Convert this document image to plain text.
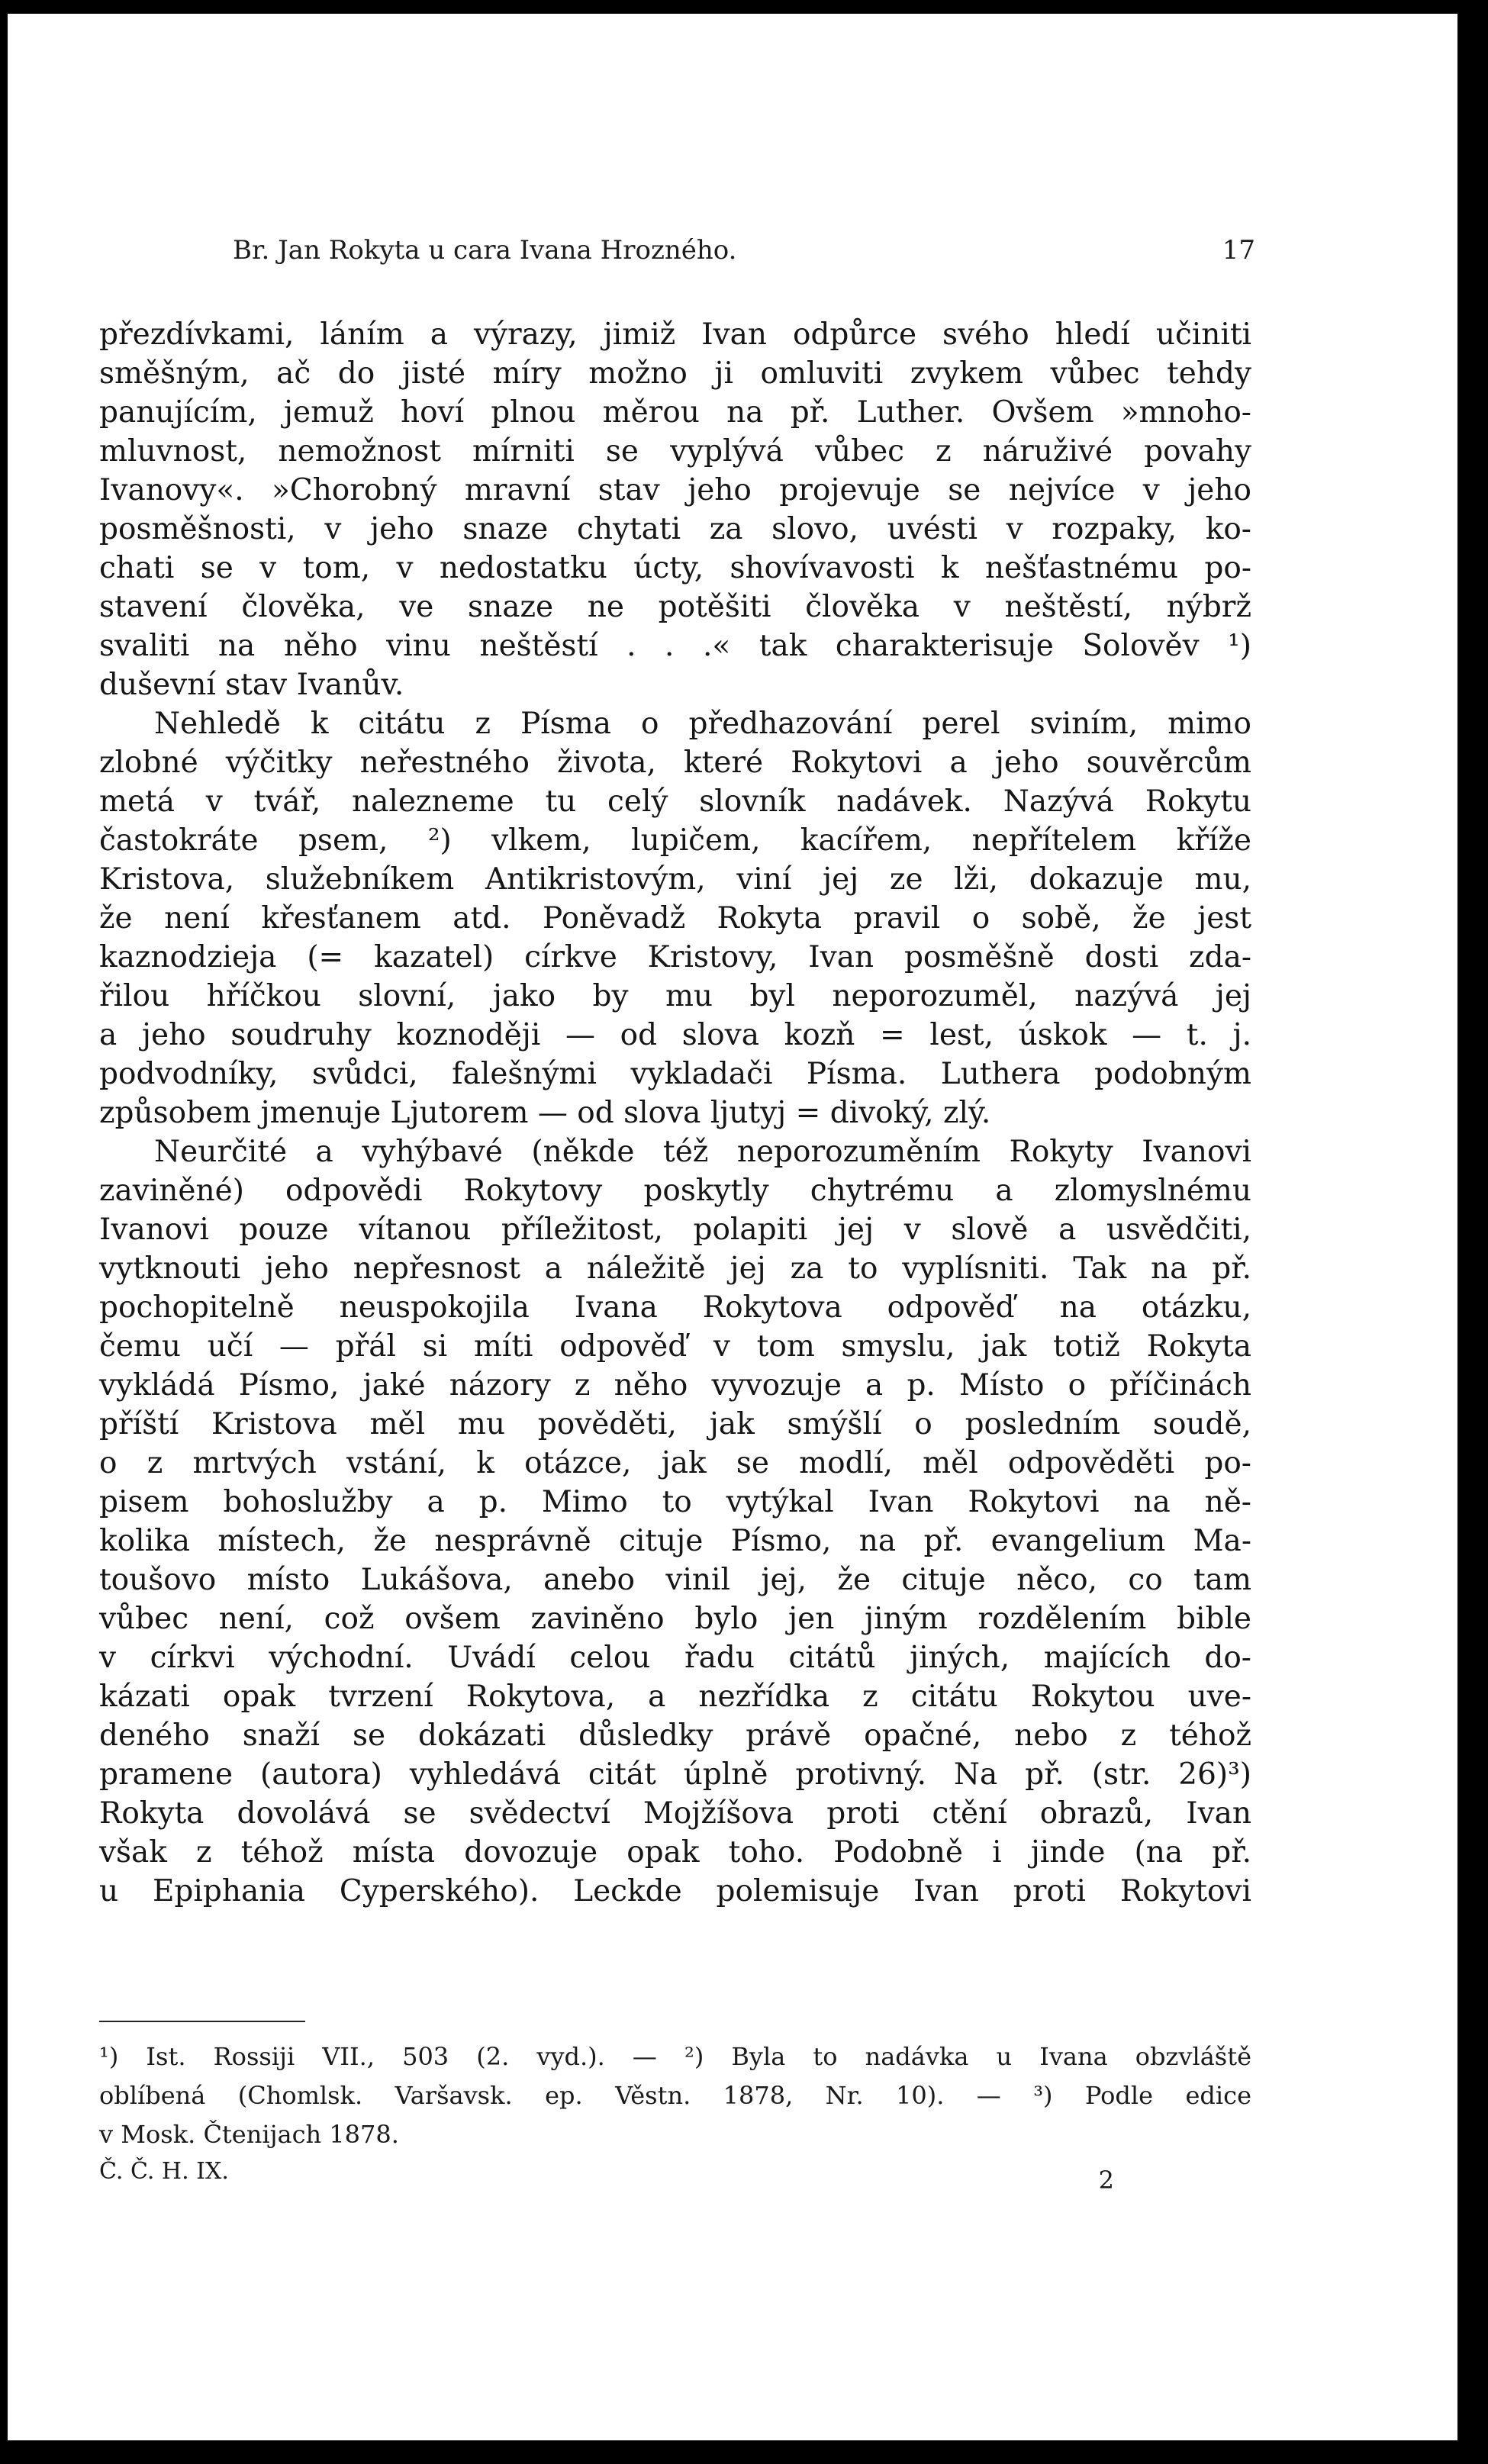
Br. Jan Rokyta u cara Ivana Hrozného.	17
přezdívkami, láním a výrazy, jimiž Ivan odpůrce svého hledí učiniti
směšným, ač do jisté míry možno ji omluviti zvykem vůbec tehdy
panujícím, jemuž hoví plnou měrou na př. Luther. Ovšem »mnoho-
mluvnost, nemožnost mírniti se vyplývá vůbec z náruživé povahy
Ivanovy«. »Chorobný mravní stav jeho projevuje se nejvíce v jeho
posměšnosti, v jeho snaze chytati za slovo, uvésti v rozpaky, ko-
chati se v tom, v nedostatku úcty, shovívavosti k nešťastnému po-
stavení člověka, ve snaze ne potěšiti člověka v neštěstí, nýbrž
svaliti na něho vinu neštěstí . . .« tak charakterisuje Solověv ¹)
duševní stav Ivanův.
Nehledě k citátu z Písma o předhazování perel sviním, mimo
zlobné výčitky neřestného života, které Rokytovi a jeho souvěrcům
metá v tvář, nalezneme tu celý slovník nadávek. Nazývá Rokytu
častokráte psem, ²) vlkem, lupičem, kacířem, nepřítelem kříže
Kristova, služebníkem Antikristovým, viní jej ze lži, dokazuje mu,
že není křesťanem atd. Poněvadž Rokyta pravil o sobě, že jest
kaznodzieja (= kazatel) církve Kristovy, Ivan posměšně dosti zda-
řilou hříčkou slovní, jako by mu byl neporozuměl, nazývá jej
a jeho soudruhy koznoději — od slova kozň = lest, úskok — t. j.
podvodníky, svůdci, falešnými vykladači Písma. Luthera podobným
způsobem jmenuje Ljutorem — od slova ljutyj = divoký, zlý.
Neurčité a vyhýbavé (někde též neporozuměním Rokyty Ivanovi
zaviněné) odpovědi Rokytovy poskytly chytrému a zlomyslnému
Ivanovi pouze vítanou příležitost, polapiti jej v slově a usvědčiti,
vytknouti jeho nepřesnost a náležitě jej za to vyplísniti. Tak na př.
pochopitelně neuspokojila Ivana Rokytova odpověď na otázku,
čemu učí — přál si míti odpověď v tom smyslu, jak totiž Rokyta
vykládá Písmo, jaké názory z něho vyvozuje a p. Místo o příčinách
příští Kristova měl mu pověděti, jak smýšlí o posledním soudě,
o z mrtvých vstání, k otázce, jak se modlí, měl odpověděti po-
pisem bohoslužby a p. Mimo to vytýkal Ivan Rokytovi na ně-
kolika místech, že nesprávně cituje Písmo, na př. evangelium Ma-
toušovo místo Lukášova, anebo vinil jej, že cituje něco, co tam
vůbec není, což ovšem zaviněno bylo jen jiným rozdělením bible
v církvi východní. Uvádí celou řadu citátů jiných, majících do-
kázati opak tvrzení Rokytova, a nezřídka z citátu Rokytou uve-
deného snaží se dokázati důsledky právě opačné, nebo z téhož
pramene (autora) vyhledává citát úplně protivný. Na př. (str. 26)³)
Rokyta dovolává se svědectví Mojžíšova proti ctění obrazů, Ivan
však z téhož místa dovozuje opak toho. Podobně i jinde (na př.
u Epiphania Cyperského). Leckde polemisuje Ivan proti Rokytovi
¹) Ist. Rossiji VII., 503 (2. vyd.). — ²) Byla to nadávka u Ivana obzvláště
oblíbená (Chomlsk. Varšavsk. ep. Věstn. 1878, Nr. 10). — ³) Podle edice
v Mosk. Čtenijach 1878.
Č. Č. H. IX.	2
